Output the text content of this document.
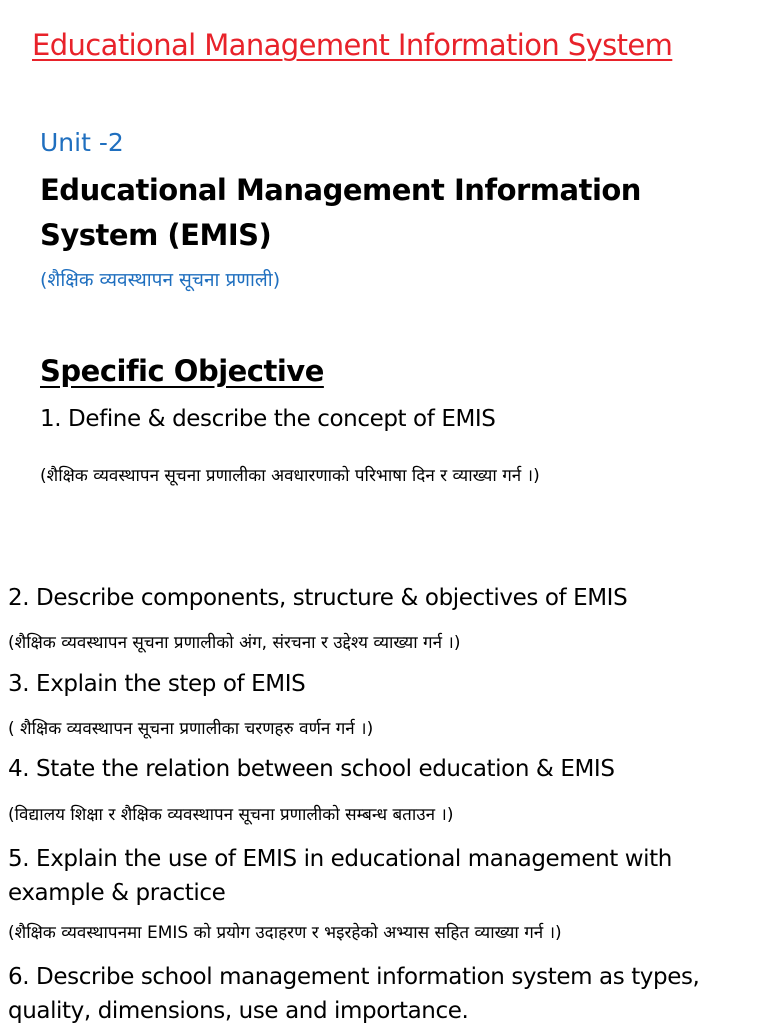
Educational Management Information System
Unit -2
Educational Management Information System (EMIS)
(शैक्षिक व्यवस्थापन सूचना प्रणाली)
Specific Objective
1. Define & describe the concept of EMIS
(शैक्षिक व्यवस्थापन सूचना प्रणालीका अवधारणाको परिभाषा दिन र व्याख्या गर्न ।)
2. Describe components, structure & objectives of EMIS
(शैक्षिक व्यवस्थापन सूचना प्रणालीको अंग, संरचना र उद्देश्य व्याख्या गर्न ।)
3. Explain the step of EMIS
( शैक्षिक व्यवस्थापन सूचना प्रणालीका चरणहरु वर्णन गर्न ।)
4. State the relation between school education & EMIS
(विद्यालय शिक्षा र शैक्षिक व्यवस्थापन सूचना प्रणालीको सम्बन्ध बताउन ।)
5. Explain the use of EMIS in educational management with example & practice
(शैक्षिक व्यवस्थापनमा EMIS को प्रयोग उदाहरण र भइरहेको अभ्यास सहित व्याख्या गर्न ।)
6. Describe school management information system as types, quality, dimensions, use and importance.
